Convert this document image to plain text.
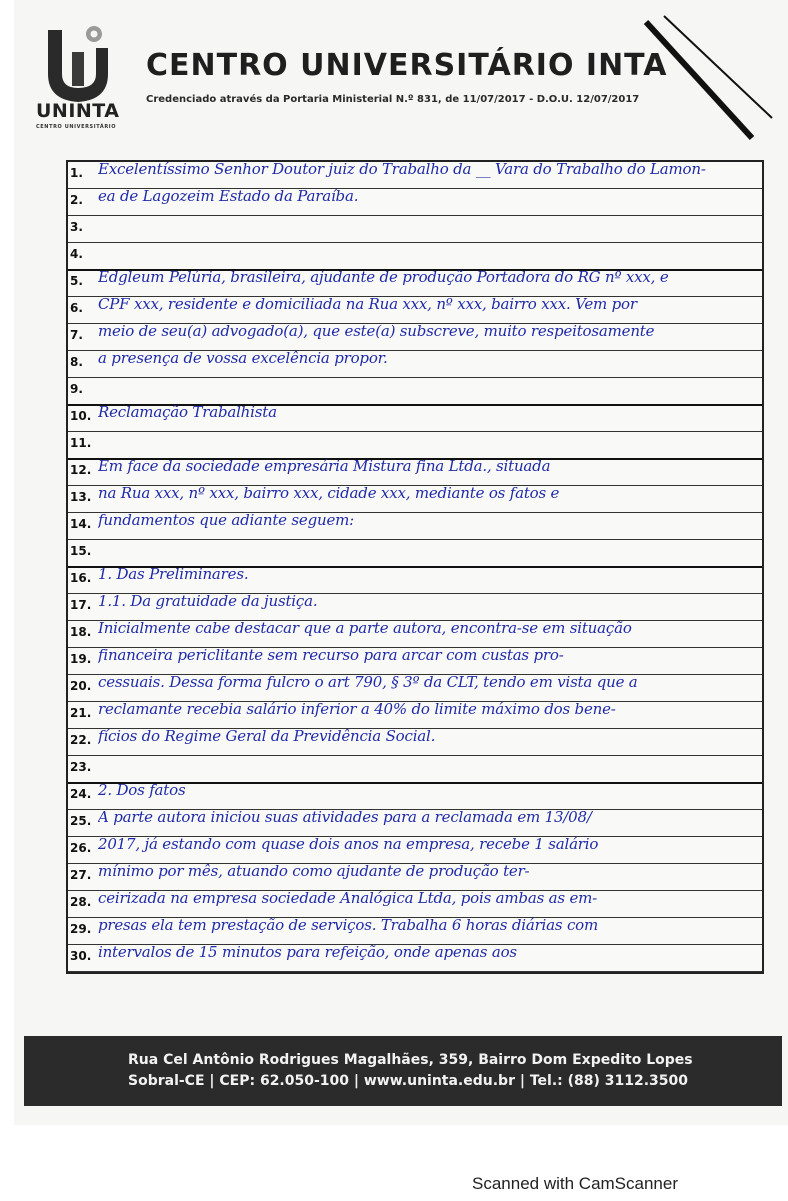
UNINTA
CENTRO UNIVERSITÁRIO
CENTRO UNIVERSITÁRIO INTA
Credenciado através da Portaria Ministerial N.º 831, de 11/07/2017 - D.O.U. 12/07/2017
1. Excelentíssimo Senhor Doutor juiz do Trabalho da __ Vara do Trabalho do Lamon-
2. ea de Lagozeim Estado da Paraíba.
3.
4.
5. Edgleum Pelúria, brasileira, ajudante de produção Portadora do RG nº xxx, e
6. CPF xxx, residente e domiciliada na Rua xxx, nº xxx, bairro xxx. Vem por
7. meio de seu(a) advogado(a), que este(a) subscreve, muito respeitosamente
8. a presença de vossa excelência propor.
9.
10. Reclamação Trabalhista
11.
12. Em face da sociedade empresária Mistura fina Ltda., situada
13. na Rua xxx, nº xxx, bairro xxx, cidade xxx, mediante os fatos e
14. fundamentos que adiante seguem:
15.
16. 1. Das Preliminares.
17. 1.1. Da gratuidade da justiça.
18. Inicialmente cabe destacar que a parte autora, encontra-se em situação
19. financeira periclitante sem recurso para arcar com custas pro-
20. cessuais. Dessa forma fulcro o art 790, § 3º da CLT, tendo em vista que a
21. reclamante recebia salário inferior a 40% do limite máximo dos bene-
22. fícios do Regime Geral da Previdência Social.
23.
24. 2. Dos fatos
25. A parte autora iniciou suas atividades para a reclamada em 13/08/
26. 2017, já estando com quase dois anos na empresa, recebe 1 salário
27. mínimo por mês, atuando como ajudante de produção ter-
28. ceirizada na empresa sociedade Analógica Ltda, pois ambas as em-
29. presas ela tem prestação de serviços. Trabalha 6 horas diárias com
30. intervalos de 15 minutos para refeição, onde apenas aos
Rua Cel Antônio Rodrigues Magalhães, 359, Bairro Dom Expedito Lopes
Sobral-CE | CEP: 62.050-100 | www.uninta.edu.br | Tel.: (88) 3112.3500
Scanned with CamScanner
